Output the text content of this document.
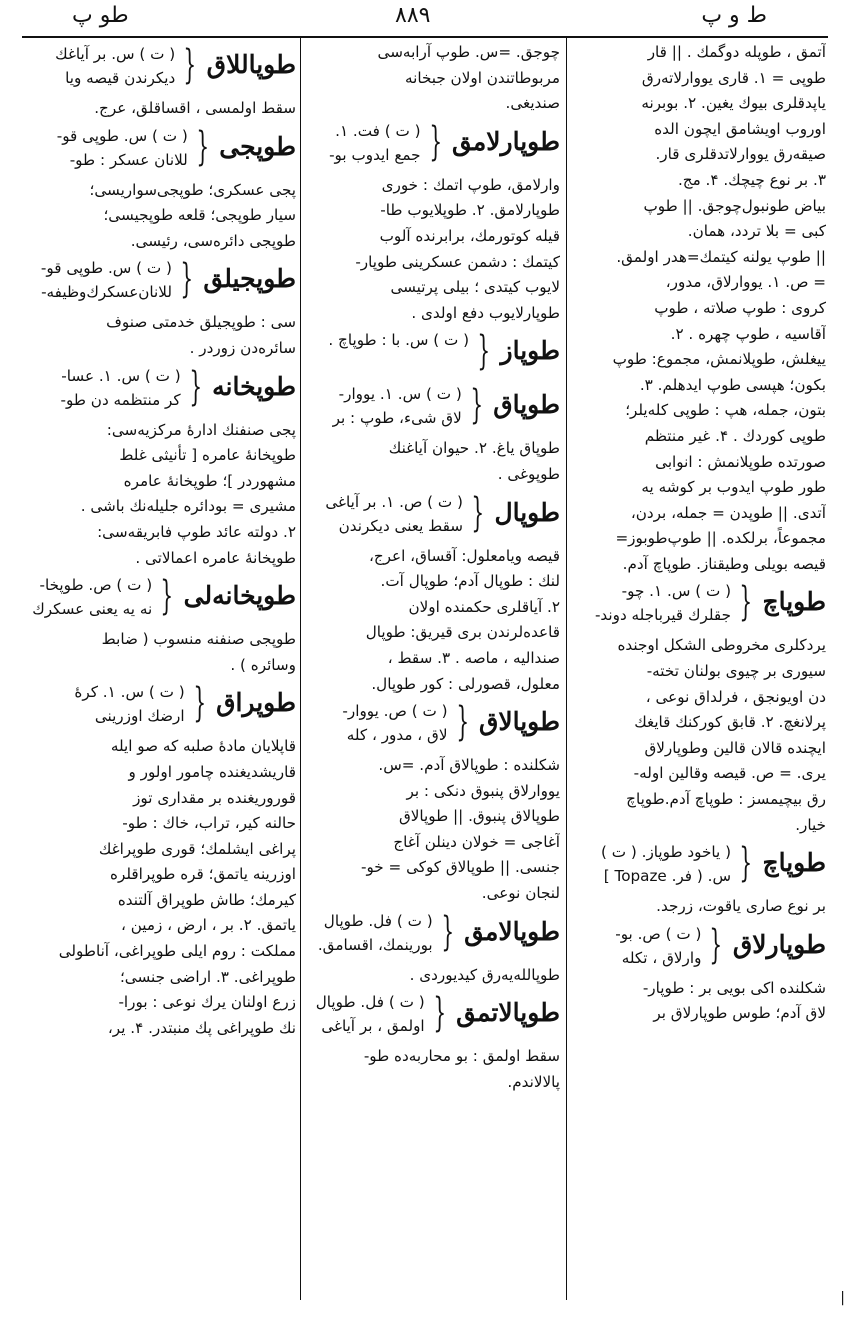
طو پ	۸۸۹	ط و پ
آتمق ، طوپله دوگمك . || قار
طوپی = ۱. قاری یووارلاته‌رق
یاپدقلری بیوك یغین. ۲. بوبرنه
اوروب اویشامق ایچون الده
صیقه‌رق یووارلاتدقلری قار.
۳. بر نوع چیچك. ۴. مج.
بیاض طونبول‌چوجق. || طوپ
کبی = بلا تردد، همان.
|| طوپ یولنه کیتمك=هدر اولمق.
= ص. ۱. یووارلاق، مدور،
کروی : طوپ صلاته ، طوپ
آقاسیه ، طوپ چهره . ۲.
ییغلش، طوپلانمش، مجموع: طوپ
بکون؛ هپسی طوپ ایدهلم. ۳.
بتون، جمله، هپ : طوپی کله‌یلر؛
طوپی کوردك . ۴. غیر منتظم
صورتده طوپلانمش : انوابی
طور طوپ ایدوب بر کوشه یه
آتدی. || طوپدن = جمله، بردن،
مجموعاً، برلکده. || طوپ‌طوبوز=
قیصه بویلی وطیقناز. طوپاچ آدم.
طوپاچ
{
( ت ) س. ۱. چو-
جقلرك قیرباجله دوند-
یردکلری مخروطی الشکل اوجنده
سیوری بر چیوی بولنان تخته-
دن اویونجق ، فرلداق نوعی ،
پرلانغچ. ۲. قابق کورکنك قایغك
ایچنده قالان قالین وطوپارلاق
یری. = ص. قیصه وقالین اوله-
رق بیچیمسز : طوپاچ آدم.طوپاچ
خیار.
طوپاچ
{
( یاخود طوپاز. ( ت )
س. ( فر. Topaze ]
بر نوع صاری یاقوت، زرجد.
طوپارلاق
{
( ت ) ص. بو-
وارلاق ، تکله
شکلنده اکی بویی بر : طوپار-
لاق آدم؛ طوس طوپارلاق بر
چوجق. =س. طوپ آرابه‌سی
مربوطاتندن اولان جبخانه
صندیغی.
طوپارلامق
{
( ت ) فت. ۱.
جمع ایدوب بو-
وارلامق، طوپ اتمك : خوری
طوپارلامق. ۲. طوپلایوب طا-
قیله کوتورمك، برابرنده آلوب
کیتمك : دشمن عسکرینی طوپار-
لایوب کیتدی ؛ بیلی پرتیسی
طوپارلایوب دفع اولدی .
طوپاز
{
( ت ) س. با : طوپاچ .
طوپاق
{
( ت ) س. ۱. یووار-
لاق شیء، طوپ : بر
طوپاق یاغ. ۲. حیوان آیاغنك
طوپوغی .
طوپال
{
( ت ) ص. ۱. بر آیاغی
سقط یعنی دیکرندن
قیصه ویامعلول: آقساق، اعرج،
لنك : طوپال آدم؛ طوپال آت.
۲. آیاقلری حکمنده اولان
قاعده‌لرندن بری قیریق: طوپال
صندالیه ، ماصه . ۳. سقط ،
معلول، قصورلی : کور طوپال.
طوپالاق
{
( ت ) ص. یووار-
لاق ، مدور ، کله
شکلنده : طوپالاق آدم. =س.
یووارلاق پنبوق دنکی : بر
طوپالاق پنبوق. || طوپالاق
آغاجی = خولان دینلن آغاج
جنسی. || طوپالاق کوکی = خو-
لنجان نوعی.
طوپالامق
{
( ت ) فل. طوپال
بورینمك، اقسامق.
طوپالله‌یه‌رق کیدیوردی .
طوپالاتمق
{
( ت ) فل. طوپال
اولمق ، بر آیاغی
سقط اولمق : بو محاربه‌ده طو-
پالالاندم.
طوپاللاق
{
( ت ) س. بر آیاغك
دیکرندن قیصه ویا
سقط اولمسی ، اقساقلق، عرج.
طوپجی
{
( ت ) س. طوپی قو-
للانان عسکر : طو-
پجی عسکری؛ طوپجی‌سواریسی؛
سیار طوپجی؛ قلعه طوپجیسی؛
طوپجی دائره‌سی، رئیسی.
طوپجیلق
{
( ت ) س. طوپی قو-
للانان‌عسکرك‌وظیفه-
سی : طوپجیلق خدمتی صنوف
سائره‌دن زوردر .
طوپخانه
{
( ت ) س. ۱. عسا-
کر منتظمه دن طو-
پجی صنفنك ادارۀ مرکزیه‌سی:
طوپخانۀ عامره [ تأنیثی غلط
مشهوردر ]؛ طوپخانۀ عامره
مشیری = بودائره جلیله‌نك باشی .
۲. دولته عائد طوپ فابریقه‌سی:
طوپخانۀ عامره اعمالاتی .
طوپخانه‌لی
{
( ت ) ص. طوپخا-
نه یه یعنی عسکرك
طوپجی صنفنه منسوب ( ضابط
وسائره ) .
طوپراق
{
( ت ) س. ۱. کرۀ
ارضك اوزرینی
قاپلایان مادۀ صلبه که صو ایله
قاریشدیغنده چامور اولور و
قوروریغنده بر مقداری توز
حالنه کیر، تراب، خاك : طو-
پراغی ایشلمك؛ قوری طوپراغك
اوزرینه یاتمق؛ قره طوپراقلره
کیرمك؛ طاش طوپراق آلتنده
یاتمق. ۲. بر ، ارض ، زمین ،
مملکت : روم ایلی طوپراغی، آناطولی
طوپراغی. ۳. اراضی جنسی؛
زرع اولنان یرك نوعی : بورا-
نك طوپراغی پك منبتدر. ۴. یر،
|
